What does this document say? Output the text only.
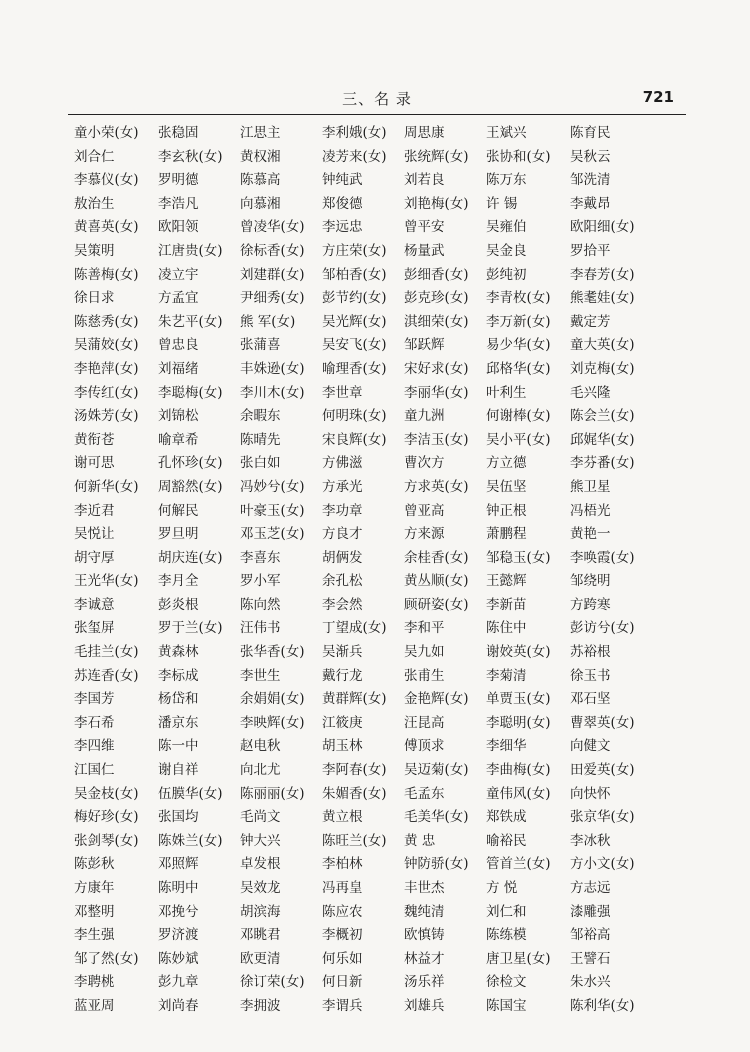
三、名 录	721
童小荣(女) 张稳固	江思主	李利娥(女) 周思康	王斌兴	陈育民
刘合仁	李玄秋(女) 黄权湘	凌芳来(女) 张统辉(女) 张协和(女) 吴秋云
李慕仪(女) 罗明德	陈慕高	钟纯武	刘若良	陈万东	邹洗清
敖治生	李浩凡	向慕湘	郑俊德	刘艳梅(女) 许 锡	李戴昂
黄喜英(女) 欧阳领	曾凌华(女) 李远忠	曾平安	吴雍伯	欧阳细(女)
吴策明	江唐贵(女) 徐标香(女) 方庄荣(女) 杨量武	吴金良	罗拾平
陈善梅(女) 凌立宇	刘建群(女) 邹柏香(女) 彭细香(女) 彭纯初	李春芳(女)
徐日求	方孟宜	尹细秀(女) 彭节约(女) 彭克珍(女) 李青枚(女) 熊耄娃(女)
陈慈秀(女) 朱艺平(女) 熊 军(女) 吴光辉(女) 淇细荣(女) 李万新(女) 戴定芳
吴蒲姣(女) 曾忠良	张蒲喜	吴安飞(女) 邹跃辉	易少华(女) 童大英(女)
李艳萍(女) 刘福绪	丰姝逊(女) 喻理香(女) 宋好求(女) 邱格华(女) 刘克梅(女)
李传红(女) 李聪梅(女) 李川木(女) 李世章	李丽华(女) 叶利生	毛兴隆
汤姝芳(女) 刘锦松	余暇东	何明珠(女) 童九洲	何谢棒(女) 陈会兰(女)
黄衔苍	喻章希	陈晴先	宋良辉(女) 李洁玉(女) 吴小平(女) 邱娓华(女)
谢可思	孔怀珍(女) 张白如	方佛滋	曹次方	方立德	李芬番(女)
何新华(女) 周豁然(女) 冯妙兮(女) 方承光	方求英(女) 吴伍坚	熊卫星
李近君	何解民	叶豪玉(女) 李功章	曾亚高	钟正根	冯梧光
吴悦让	罗旦明	邓玉芝(女) 方良才	方来源	萧鹏程	黄艳一
胡守厚	胡庆连(女) 李喜东	胡俩发	余桂香(女) 邹稳玉(女) 李唤霞(女)
王光华(女) 李月全	罗小军	余孔松	黄丛顺(女) 王懿辉	邹绕明
李诚意	彭炎根	陈向然	李会然	顾研姿(女) 李新苗	方跨寒
张玺屏	罗于兰(女) 汪伟书	丁望成(女) 李和平	陈住中	彭访兮(女)
毛挂兰(女) 黄森林	张华香(女) 吴渐兵	吴九如	谢姣英(女) 苏裕根
苏连香(女) 李标成	李世生	戴行龙	张甫生	李菊清	徐玉书
李国芳	杨岱和	余娟娟(女) 黄群辉(女) 金艳辉(女) 单贾玉(女) 邓石坚
李石希	潘京东	李映辉(女) 江筱庚	汪昆高	李聪明(女) 曹翠英(女)
李四维	陈一中	赵电秋	胡玉林	傅顶求	李细华	向健文
江国仁	谢自祥	向北尤	李阿春(女) 吴迈菊(女) 李曲梅(女) 田爱英(女)
吴金枝(女) 伍膜华(女) 陈丽丽(女) 朱媚香(女) 毛孟东	童伟风(女) 向快怀
梅好珍(女) 张国均	毛尚文	黄立根	毛美华(女) 郑铁成	张京华(女)
张剑琴(女) 陈姝兰(女) 钟大兴	陈旺兰(女) 黄 忠	喻裕民	李冰秋
陈彭秋	邓照辉	卓发根	李柏林	钟防骄(女) 管首兰(女) 方小文(女)
方康年	陈明中	吴效龙	冯再皇	丰世杰	方 悦	方志远
邓整明	邓挽兮	胡滨海	陈应农	魏纯清	刘仁和	漆雕强
李生强	罗济渡	邓眺君	李概初	欧慎铸	陈练模	邹裕高
邹了然(女) 陈妙斌	欧更清	何乐如	林益才	唐卫星(女) 王譬石
李聘桃	彭九章	徐订荣(女) 何日新	汤乐祥	徐检文	朱水兴
蓝亚周	刘尚春	李拥波	李谓兵	刘雄兵	陈国宝	陈利华(女)
